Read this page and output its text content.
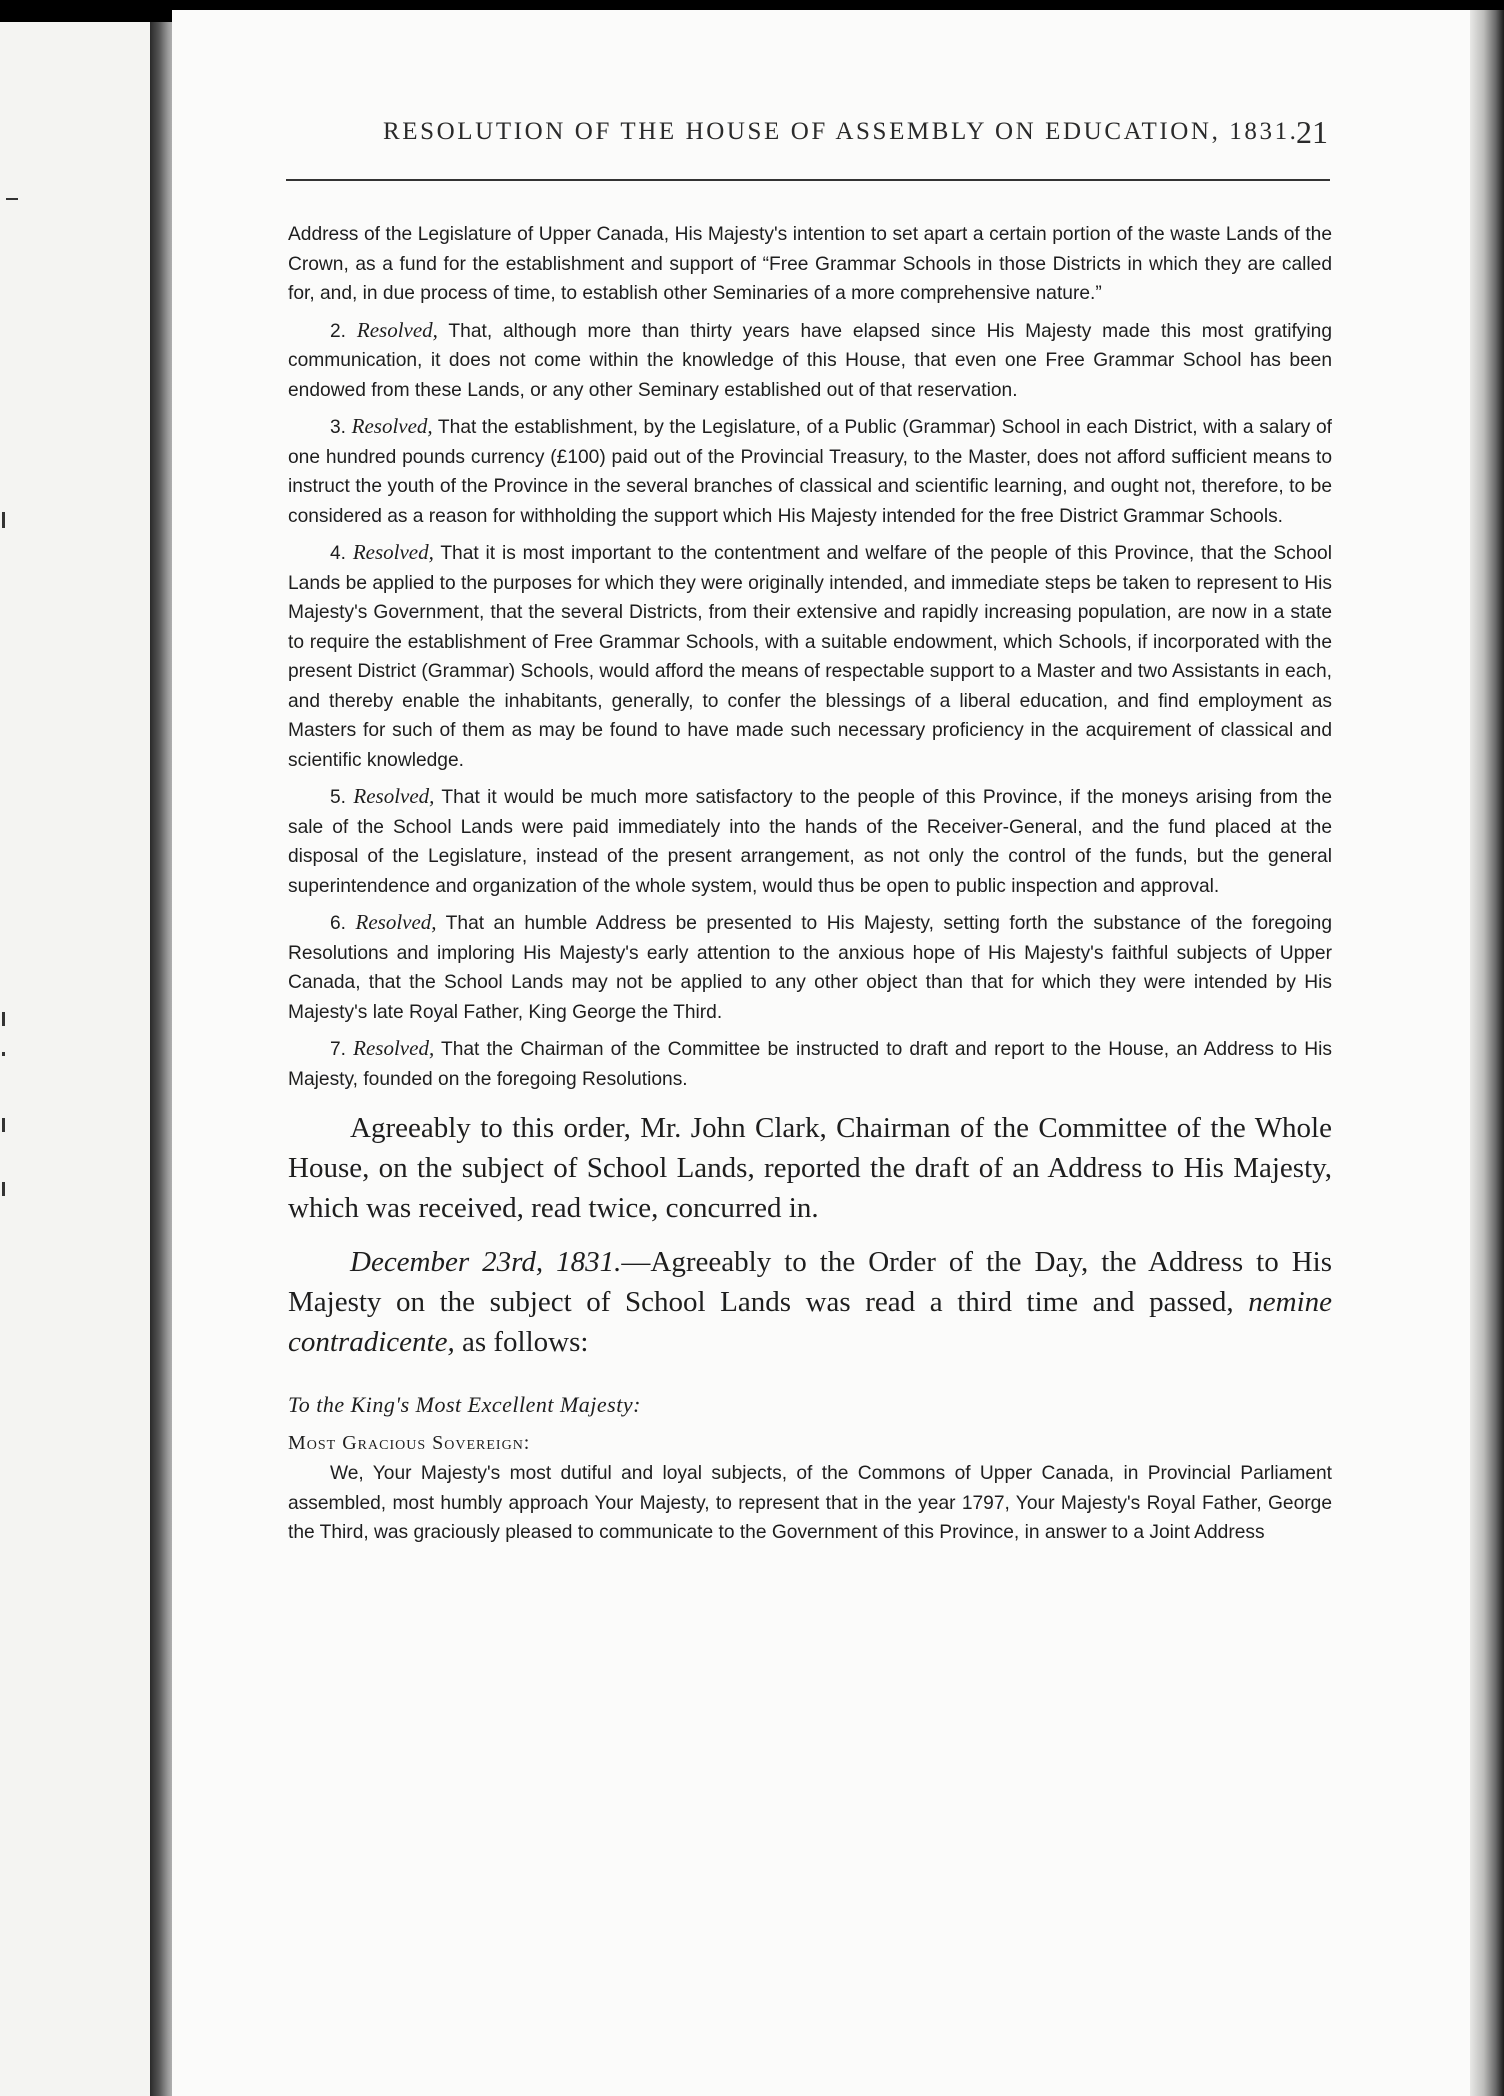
RESOLUTION OF THE HOUSE OF ASSEMBLY ON EDUCATION, 1831.
21

Address of the Legislature of Upper Canada, His Majesty's intention to set apart a certain portion of the waste Lands of the Crown, as a fund for the establishment and support of “Free Grammar Schools in those Districts in which they are called for, and, in due process of time, to establish other Seminaries of a more comprehensive nature.”

2. Resolved, That, although more than thirty years have elapsed since His Majesty made this most gratifying communication, it does not come within the knowledge of this House, that even one Free Grammar School has been endowed from these Lands, or any other Seminary established out of that reservation.

3. Resolved, That the establishment, by the Legislature, of a Public (Grammar) School in each District, with a salary of one hundred pounds currency (£100) paid out of the Provincial Treasury, to the Master, does not afford sufficient means to instruct the youth of the Province in the several branches of classical and scientific learning, and ought not, therefore, to be considered as a reason for withholding the support which His Majesty intended for the free District Grammar Schools.

4. Resolved, That it is most important to the contentment and welfare of the people of this Province, that the School Lands be applied to the purposes for which they were originally intended, and immediate steps be taken to represent to His Majesty's Government, that the several Districts, from their extensive and rapidly increasing population, are now in a state to require the establishment of Free Grammar Schools, with a suitable endowment, which Schools, if incorporated with the present District (Grammar) Schools, would afford the means of respectable support to a Master and two Assistants in each, and thereby enable the inhabitants, generally, to confer the blessings of a liberal education, and find employment as Masters for such of them as may be found to have made such necessary proficiency in the acquirement of classical and scientific knowledge.

5. Resolved, That it would be much more satisfactory to the people of this Province, if the moneys arising from the sale of the School Lands were paid immediately into the hands of the Receiver-General, and the fund placed at the disposal of the Legislature, instead of the present arrangement, as not only the control of the funds, but the general superintendence and organization of the whole system, would thus be open to public inspection and approval.

6. Resolved, That an humble Address be presented to His Majesty, setting forth the substance of the foregoing Resolutions and imploring His Majesty's early attention to the anxious hope of His Majesty's faithful subjects of Upper Canada, that the School Lands may not be applied to any other object than that for which they were intended by His Majesty's late Royal Father, King George the Third.

7. Resolved, That the Chairman of the Committee be instructed to draft and report to the House, an Address to His Majesty, founded on the foregoing Resolutions.

Agreeably to this order, Mr. John Clark, Chairman of the Committee of the Whole House, on the subject of School Lands, reported the draft of an Address to His Majesty, which was received, read twice, concurred in.

December 23rd, 1831.—Agreeably to the Order of the Day, the Address to His Majesty on the subject of School Lands was read a third time and passed, nemine contradicente, as follows:

To the King's Most Excellent Majesty:

Most Gracious Sovereign:

We, Your Majesty's most dutiful and loyal subjects, of the Commons of Upper Canada, in Provincial Parliament assembled, most humbly approach Your Majesty, to represent that in the year 1797, Your Majesty's Royal Father, George the Third, was graciously pleased to communicate to the Government of this Province, in answer to a Joint Address
